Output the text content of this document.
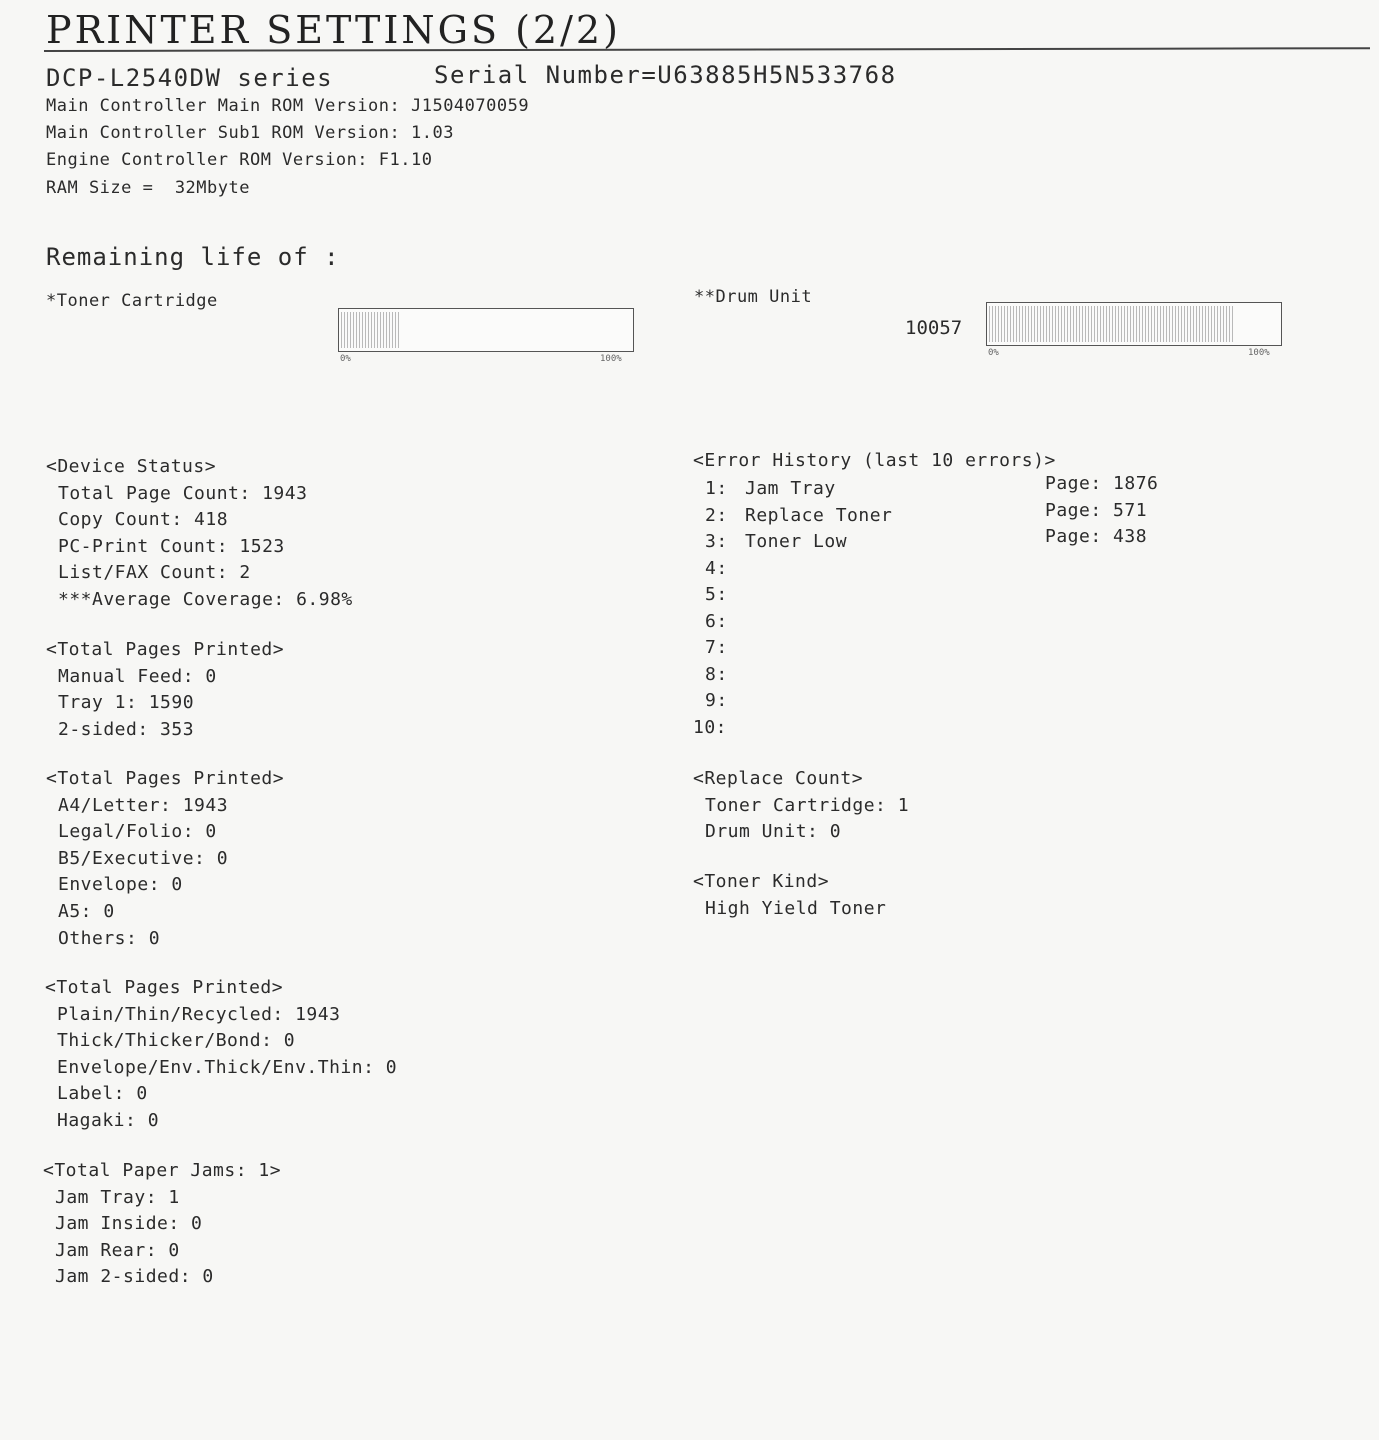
PRINTER SETTINGS (2/2)
DCP-L2540DW series	Serial Number=U63885H5N533768
Main Controller Main ROM Version: J1504070059
Main Controller Sub1 ROM Version: 1.03
Engine Controller ROM Version: F1.10
RAM Size =  32Mbyte
Remaining life of :
*Toner Cartridge
0%	100%
**Drum Unit
10057
0%	100%
<Device Status>
Total Page Count: 1943
Copy Count: 418
PC-Print Count: 1523
List/FAX Count: 2
***Average Coverage: 6.98%
<Total Pages Printed>
Manual Feed: 0
Tray 1: 1590
2-sided: 353
<Total Pages Printed>
A4/Letter: 1943
Legal/Folio: 0
B5/Executive: 0
Envelope: 0
A5: 0
Others: 0
<Total Pages Printed>
Plain/Thin/Recycled: 1943
Thick/Thicker/Bond: 0
Envelope/Env.Thick/Env.Thin: 0
Label: 0
Hagaki: 0
<Total Paper Jams: 1>
Jam Tray: 1
Jam Inside: 0
Jam Rear: 0
Jam 2-sided: 0
<Error History (last 10 errors)>
1: Jam Tray	Page: 1876
2: Replace Toner	Page: 571
3: Toner Low	Page: 438
4:
5:
6:
7:
8:
9:
10:
<Replace Count>
Toner Cartridge: 1
Drum Unit: 0
<Toner Kind>
High Yield Toner
